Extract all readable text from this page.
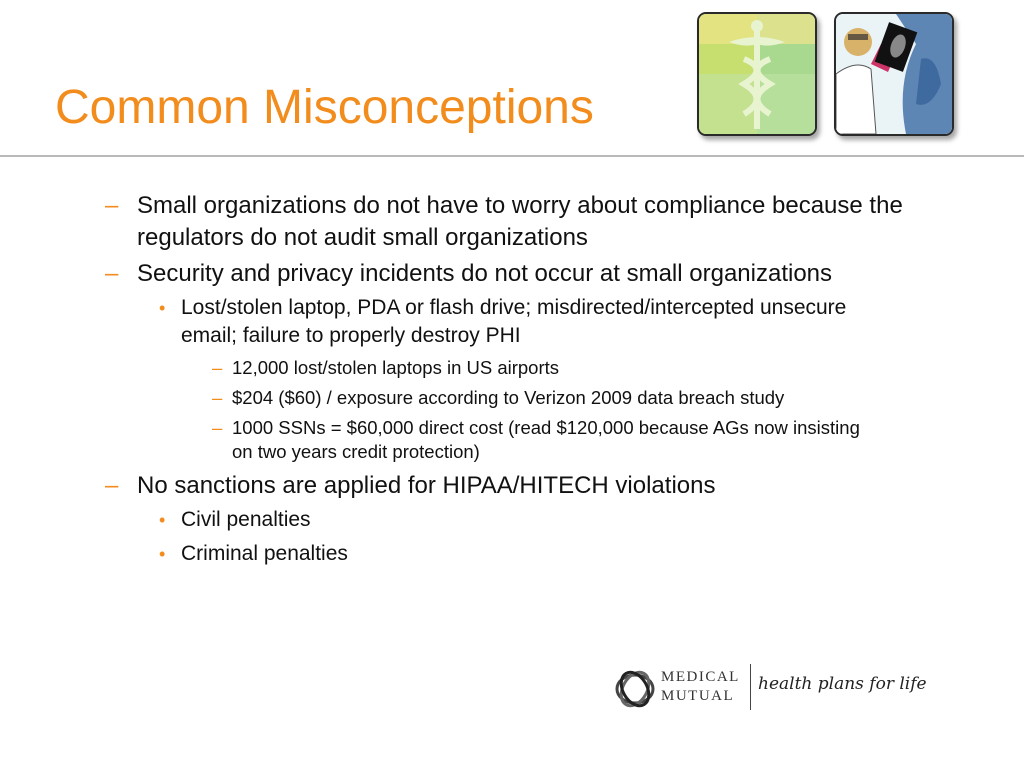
Common Misconceptions
– Small organizations do not have to worry about compliance because the regulators do not audit small organizations
– Security and privacy incidents do not occur at small organizations
• Lost/stolen laptop, PDA or flash drive; misdirected/intercepted unsecure email; failure to properly destroy PHI
– 12,000 lost/stolen laptops in US airports
– $204 ($60) / exposure according to Verizon 2009 data breach study
– 1000 SSNs = $60,000 direct cost (read $120,000 because AGs now insisting on two years credit protection)
– No sanctions are applied for HIPAA/HITECH violations
• Civil penalties
• Criminal penalties
MEDICAL
MUTUAL
health plans for life
